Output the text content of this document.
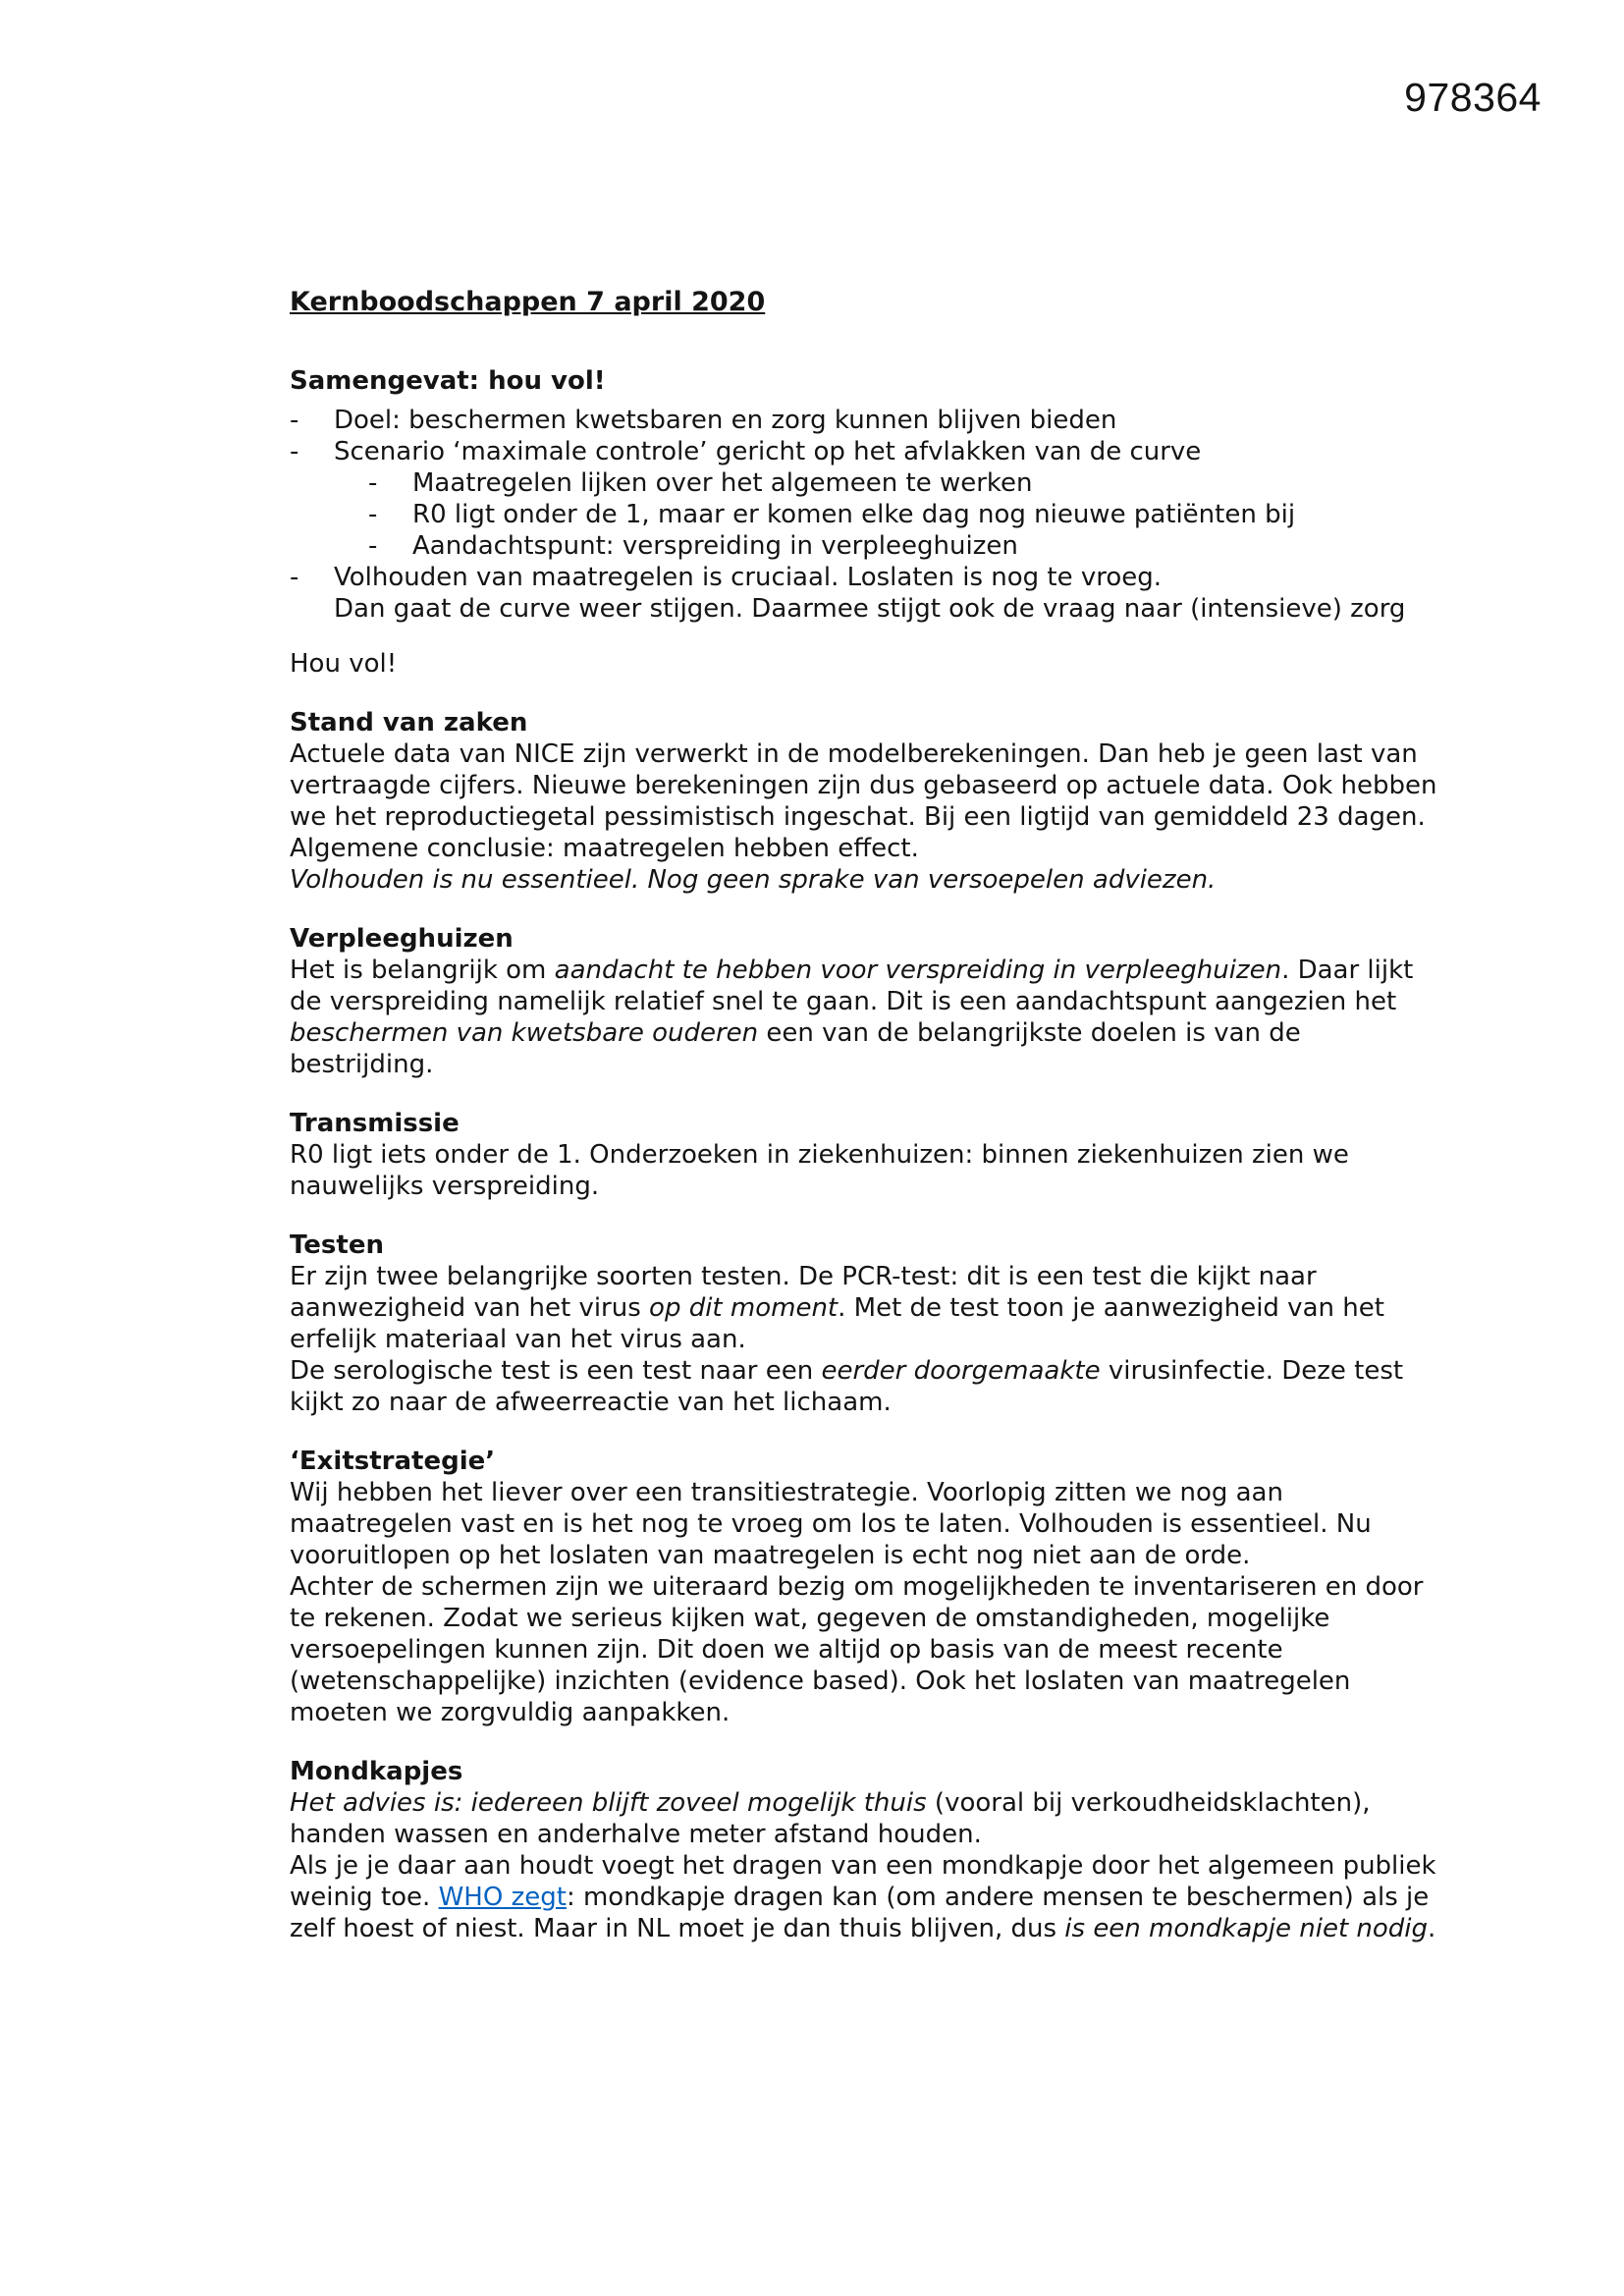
978364
Kernboodschappen 7 april 2020

Samengevat: hou vol!

-	Doel: beschermen kwetsbaren en zorg kunnen blijven bieden
-	Scenario ‘maximale controle’ gericht op het afvlakken van de curve
-	Maatregelen lijken over het algemeen te werken
-	R0 ligt onder de 1, maar er komen elke dag nog nieuwe patiënten bij
-	Aandachtspunt: verspreiding in verpleeghuizen
-	Volhouden van maatregelen is cruciaal. Loslaten is nog te vroeg.
Dan gaat de curve weer stijgen. Daarmee stijgt ook de vraag naar (intensieve) zorg

Hou vol!

Stand van zaken

Actuele data van NICE zijn verwerkt in de modelberekeningen. Dan heb je geen last van vertraagde cijfers. Nieuwe berekeningen zijn dus gebaseerd op actuele data. Ook hebben we het reproductiegetal pessimistisch ingeschat. Bij een ligtijd van gemiddeld 23 dagen. Algemene conclusie: maatregelen hebben effect.

Volhouden is nu essentieel. Nog geen sprake van versoepelen adviezen.

Verpleeghuizen

Het is belangrijk om aandacht te hebben voor verspreiding in verpleeghuizen. Daar lijkt de verspreiding namelijk relatief snel te gaan. Dit is een aandachtspunt aangezien het beschermen van kwetsbare ouderen een van de belangrijkste doelen is van de bestrijding.

Transmissie

R0 ligt iets onder de 1. Onderzoeken in ziekenhuizen: binnen ziekenhuizen zien we nauwelijks verspreiding.

Testen

Er zijn twee belangrijke soorten testen. De PCR-test: dit is een test die kijkt naar aanwezigheid van het virus op dit moment. Met de test toon je aanwezigheid van het erfelijk materiaal van het virus aan.

De serologische test is een test naar een eerder doorgemaakte virusinfectie. Deze test kijkt zo naar de afweerreactie van het lichaam.

‘Exitstrategie’

Wij hebben het liever over een transitiestrategie. Voorlopig zitten we nog aan maatregelen vast en is het nog te vroeg om los te laten. Volhouden is essentieel. Nu vooruitlopen op het loslaten van maatregelen is echt nog niet aan de orde.

Achter de schermen zijn we uiteraard bezig om mogelijkheden te inventariseren en door te rekenen. Zodat we serieus kijken wat, gegeven de omstandigheden, mogelijke versoepelingen kunnen zijn. Dit doen we altijd op basis van de meest recente (wetenschappelijke) inzichten (evidence based). Ook het loslaten van maatregelen moeten we zorgvuldig aanpakken.

Mondkapjes

Het advies is: iedereen blijft zoveel mogelijk thuis (vooral bij verkoudheidsklachten), handen wassen en anderhalve meter afstand houden.

Als je je daar aan houdt voegt het dragen van een mondkapje door het algemeen publiek weinig toe. WHO zegt: mondkapje dragen kan (om andere mensen te beschermen) als je zelf hoest of niest. Maar in NL moet je dan thuis blijven, dus is een mondkapje niet nodig.
